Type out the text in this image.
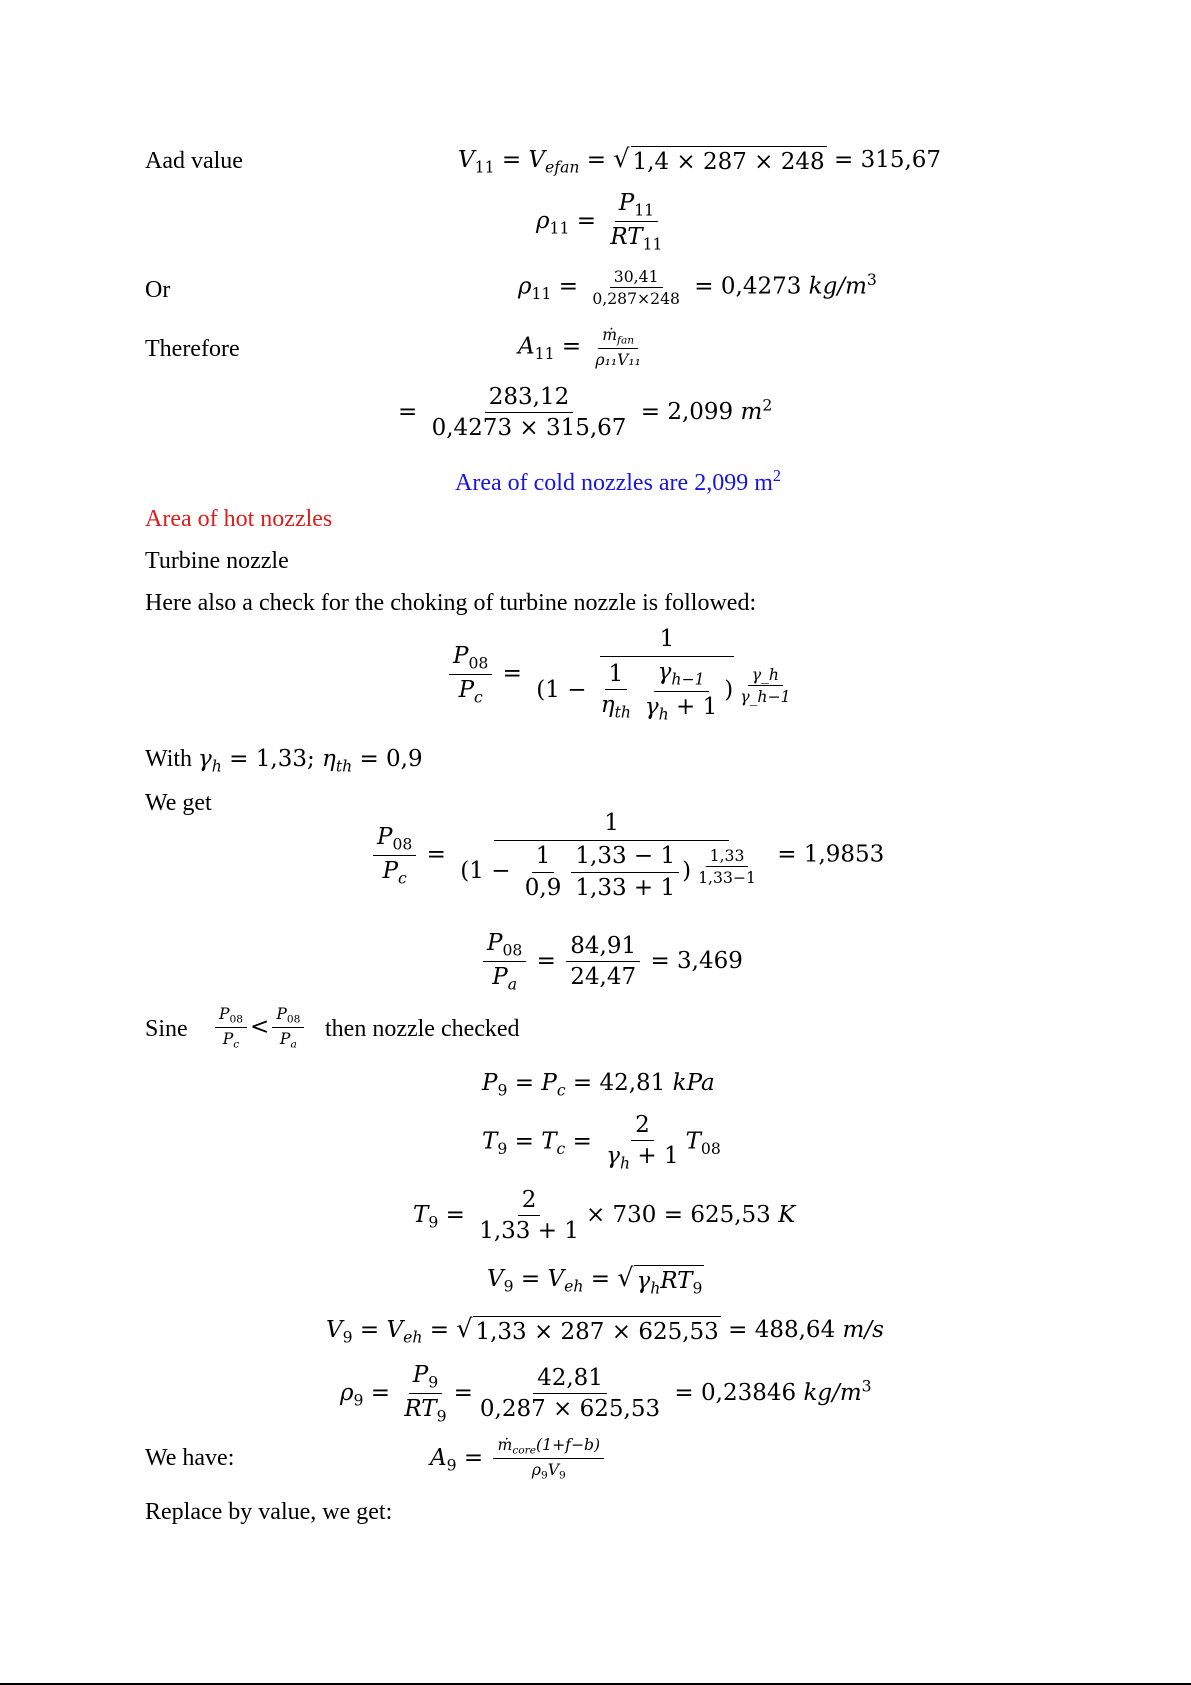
Aad value	$V_{11} = V_{efan}$ = √ 1,4 × 287 × 248 = 315,67
$\rho_{11} = \frac{P_{11}}{RT_{11}}$
Or	$\rho_{11} = \frac{30,41}{0,287\times 248} = 0,4273$ $kg/m^3$
Therefore	$A_{11} = \frac{ṁ_{fan}}{\text{ρ₁₁V₁₁}}$
= $\frac{283,12}{0,4273 \times 315,67} = 2,099$ $m^2$
Area of cold nozzles are 2,099 $m^2$
Area of hot nozzles
Turbine nozzle
Here also a check for the choking of turbine nozzle is followed:
$\frac{P_{08}}{P_c} = \frac{1}{(1 - \frac{1}{\eta_{th}} \frac{\gamma_{h-1}}{\gamma_h + 1} ) \frac{\gamma\_h}{\gamma\_h-1}}$
With $\gamma_h = 1,33$; $\eta_{th} = 0,9$
We get
$\frac{P_{08}}{P_c} = \frac{1}{(1 - \frac{1}{0,9} \frac{1,33 - 1}{1,33 + 1} ) \frac{1,33}{1,33-1}} = 1,9853$
$\frac{P_{08}}{P_a} = \frac{84,91}{24,47} = 3,469$
Sine $\frac{P_{08}}{P_c} < \frac{P_{08}}{P_a}$ then nozzle checked
$P_9 = P_c = 42,81$ kPa
$T_9 = T_c = \frac{2}{\gamma_h + 1} T_{08}$
$T_9 = \frac{2}{1,33 + 1} \times 730 = 625,53$ K
$V_9 = V_{eh}$ = √ $\gamma_hRT_9$
$V_9 = V_{eh}$ = √ 1,33 × 287 × 625,53 = 488,64 m/s
$\rho_9 = \frac{P_9}{RT_9} = \frac{42,81}{0,287 \times 625,53} = 0,23846$ $kg/m^3$
We have:	$A_9 = \frac{ṁ_{core}(1+f-b)}{\rho_9V_9}$
Replace by value, we get:
